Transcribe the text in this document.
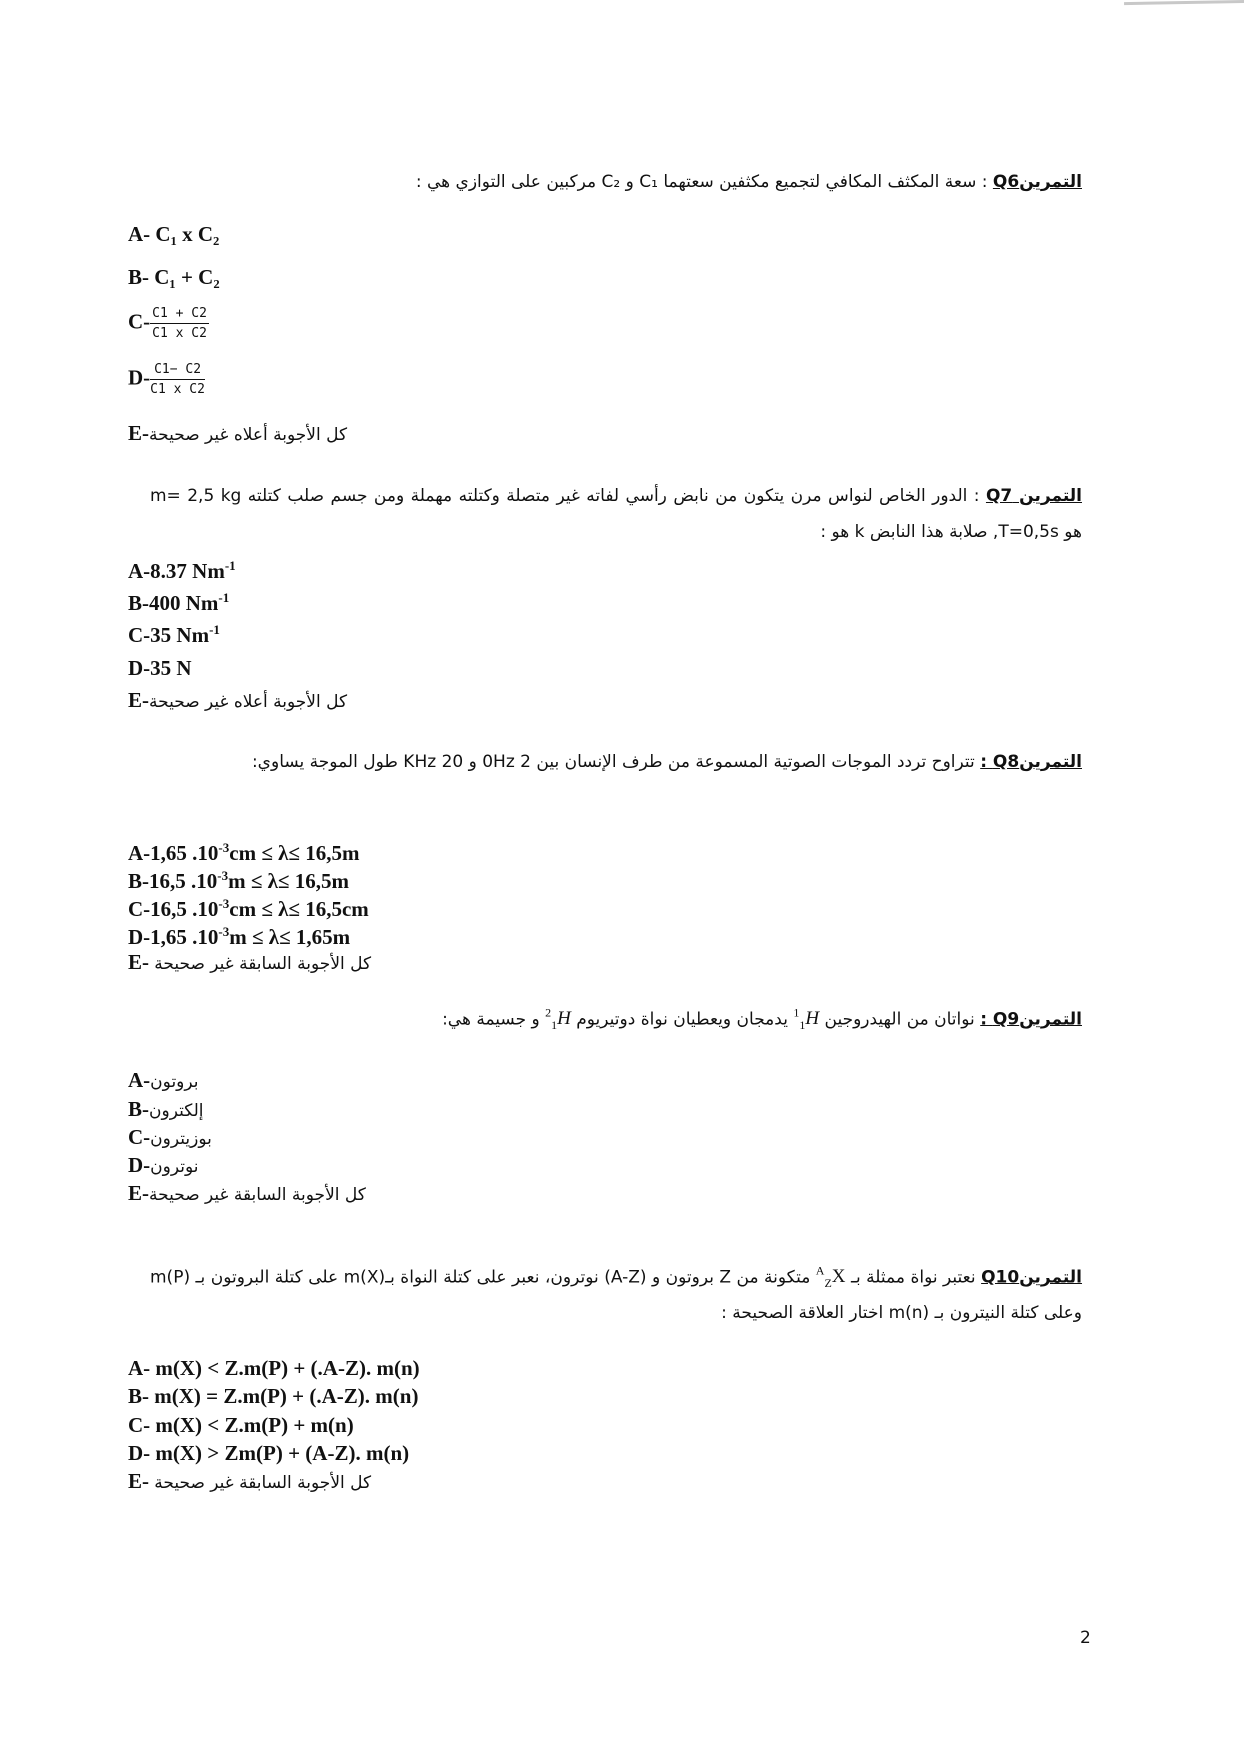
التمرينQ6 : سعة المكثف المكافي لتجميع مكثفين سعتهما C₁ و C₂ مركبين على التوازي هي :
A- C₁ x C₂
B- C₁ + C₂
$C- \frac{C1 + C2}{\text{C1 x C2}}$
$D- \frac{C1- C2}{\text{C1 x C2}}$
E-كل الأجوبة أعلاه غير صحيحة
التمرين Q7 : الدور الخاص لنواس مرن يتكون من نابض رأسي لفاته غير متصلة وكتلته مهملة ومن جسم صلب كتلته m= 2,5 kg هو T=0,5s, صلابة هذا النابض k هو :
A-8.37 $Nm^{-1}$
B-400 $Nm^{-1}$
C-35 $Nm^{-1}$
D-35 N
E-كل الأجوبة أعلاه غير صحيحة
التمرينQ8 : تتراوح تردد الموجات الصوتية المسموعة من طرف الإنسان بين 2 0Hz و 20 KHz طول الموجة يساوي:
A-1,65 $.10^{-3}cm \le \lambda\le 16,5m$
B-16,5 $.10^{-3}m \le \lambda\le 16,5m$
C-16,5 $.10^{-3}cm \le \lambda\le 16,5cm$
D-1,65 $.10^{-3}m \le \lambda\le 1,65m$
E- كل الأجوبة السابقة غير صحيحة
التمرينQ9 : نواتان من الهيدروجين $^1_1$H يدمجان ويعطيان نواة دوتيريوم $^2_1$H و جسيمة هي:
A-بروتون
B-إلكترون
C-بوزيترون
D-نوترون
E-كل الأجوبة السابقة غير صحيحة
التمرينQ10 نعتبر نواة ممثلة بـ $^A_Z$X متكونة من Z بروتون و (A-Z) نوترون، نعبر على كتلة النواة بـm(X) على كتلة البروتون بـ m(P) وعلى كتلة النيترون بـ m(n) اختار العلاقة الصحيحة :
A- m(X) < Z.m(P) + (.A-Z). m(n)
B- m(X) = Z.m(P) + (.A-Z). m(n)
C- m(X) < Z.m(P) + m(n)
D- m(X) > Zm(P) + (A-Z). m(n)
E- كل الأجوبة السابقة غير صحيحة
2
